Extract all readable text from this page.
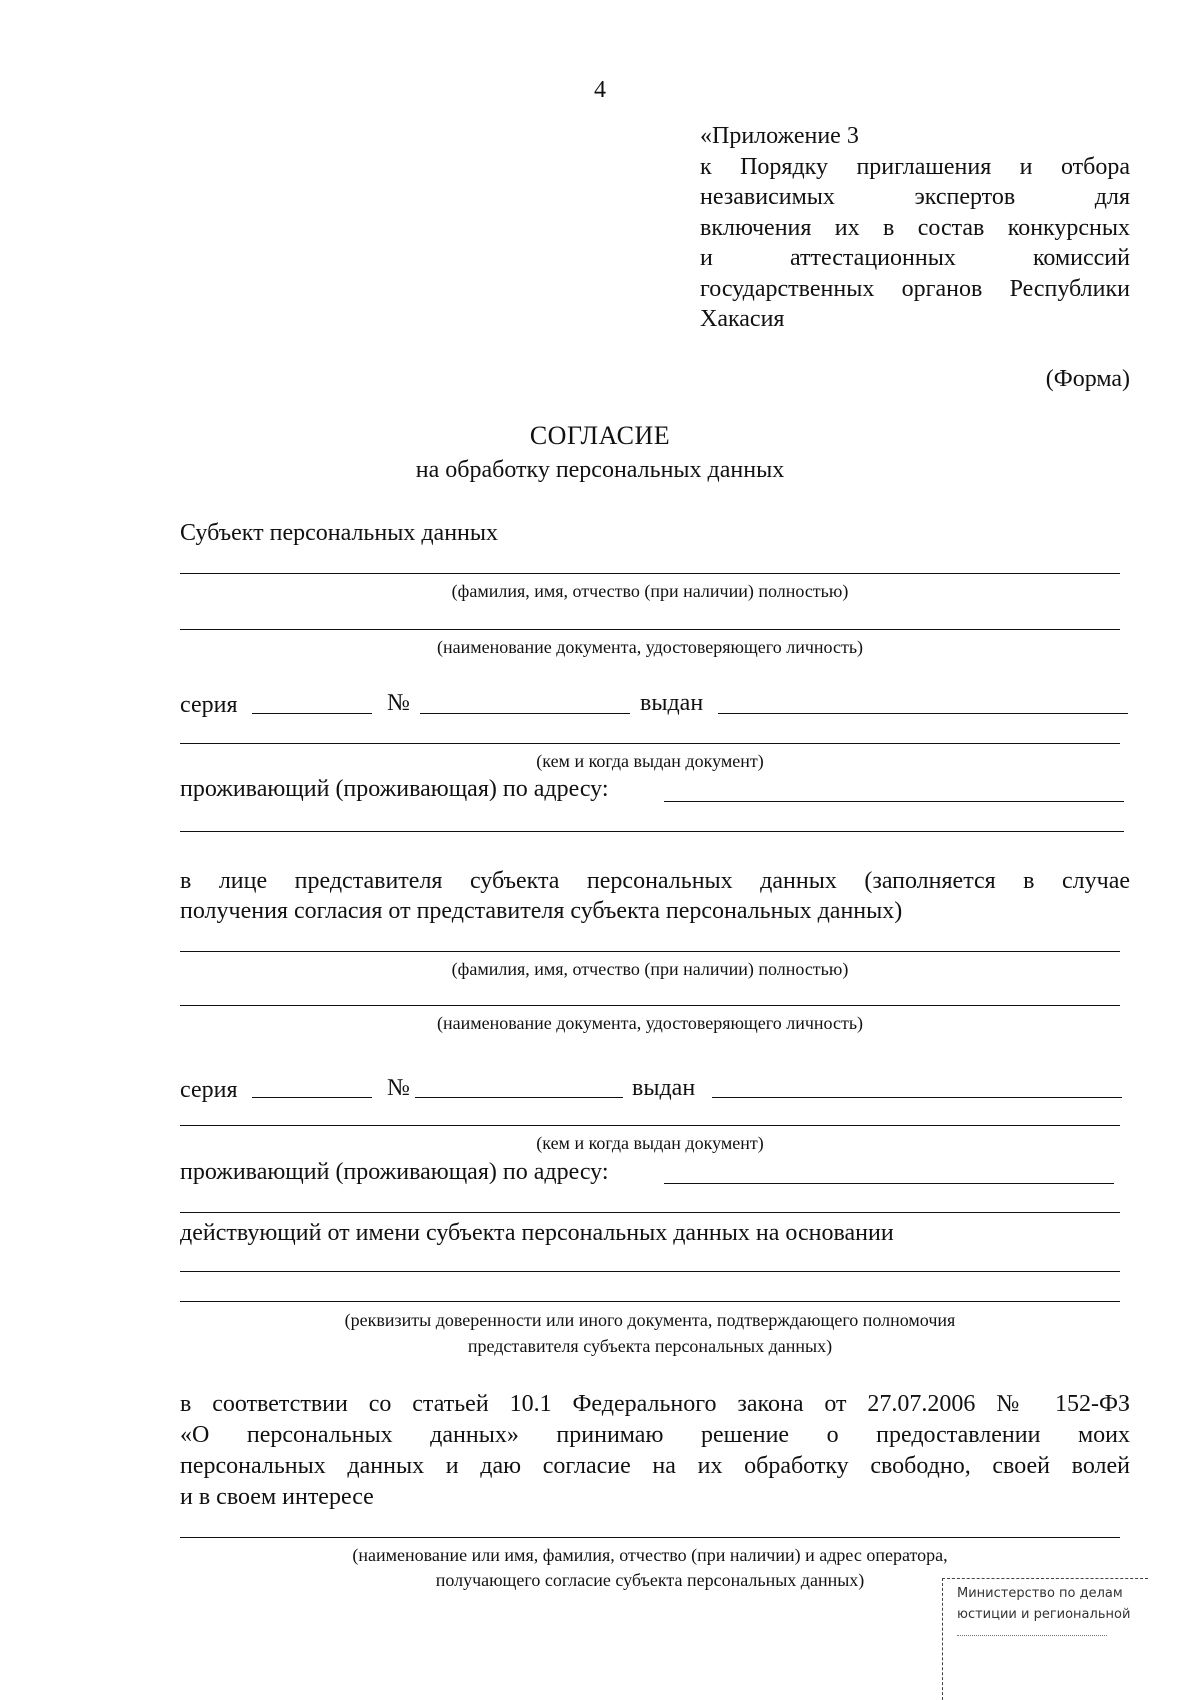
4
«Приложение 3
к Порядку приглашения и отбора
независимых экспертов для
включения их в состав конкурсных
и аттестационных комиссий
государственных органов Республики
Хакасия
(Форма)
СОГЛАСИЕ
на обработку персональных данных
Субъект персональных данных
(фамилия, имя, отчество (при наличии) полностью)
(наименование документа, удостоверяющего личность)
серия	№	выдан
(кем и когда выдан документ)
проживающий (проживающая) по адресу:
в лице представителя субъекта персональных данных (заполняется в случае
получения согласия от представителя субъекта персональных данных)
(фамилия, имя, отчество (при наличии) полностью)
(наименование документа, удостоверяющего личность)
серия	№	выдан
(кем и когда выдан документ)
проживающий (проживающая) по адресу:
действующий от имени субъекта персональных данных на основании
(реквизиты доверенности или иного документа, подтверждающего полномочия
представителя субъекта персональных данных)
в соответствии со статьей 10.1 Федерального закона от 27.07.2006 № 152-ФЗ
«О персональных данных» принимаю решение о предоставлении моих
персональных данных и даю согласие на их обработку свободно, своей волей
и в своем интересе
(наименование или имя, фамилия, отчество (при наличии) и адрес оператора,
получающего согласие субъекта персональных данных)
Министерство по делам
юстиции и региональной
